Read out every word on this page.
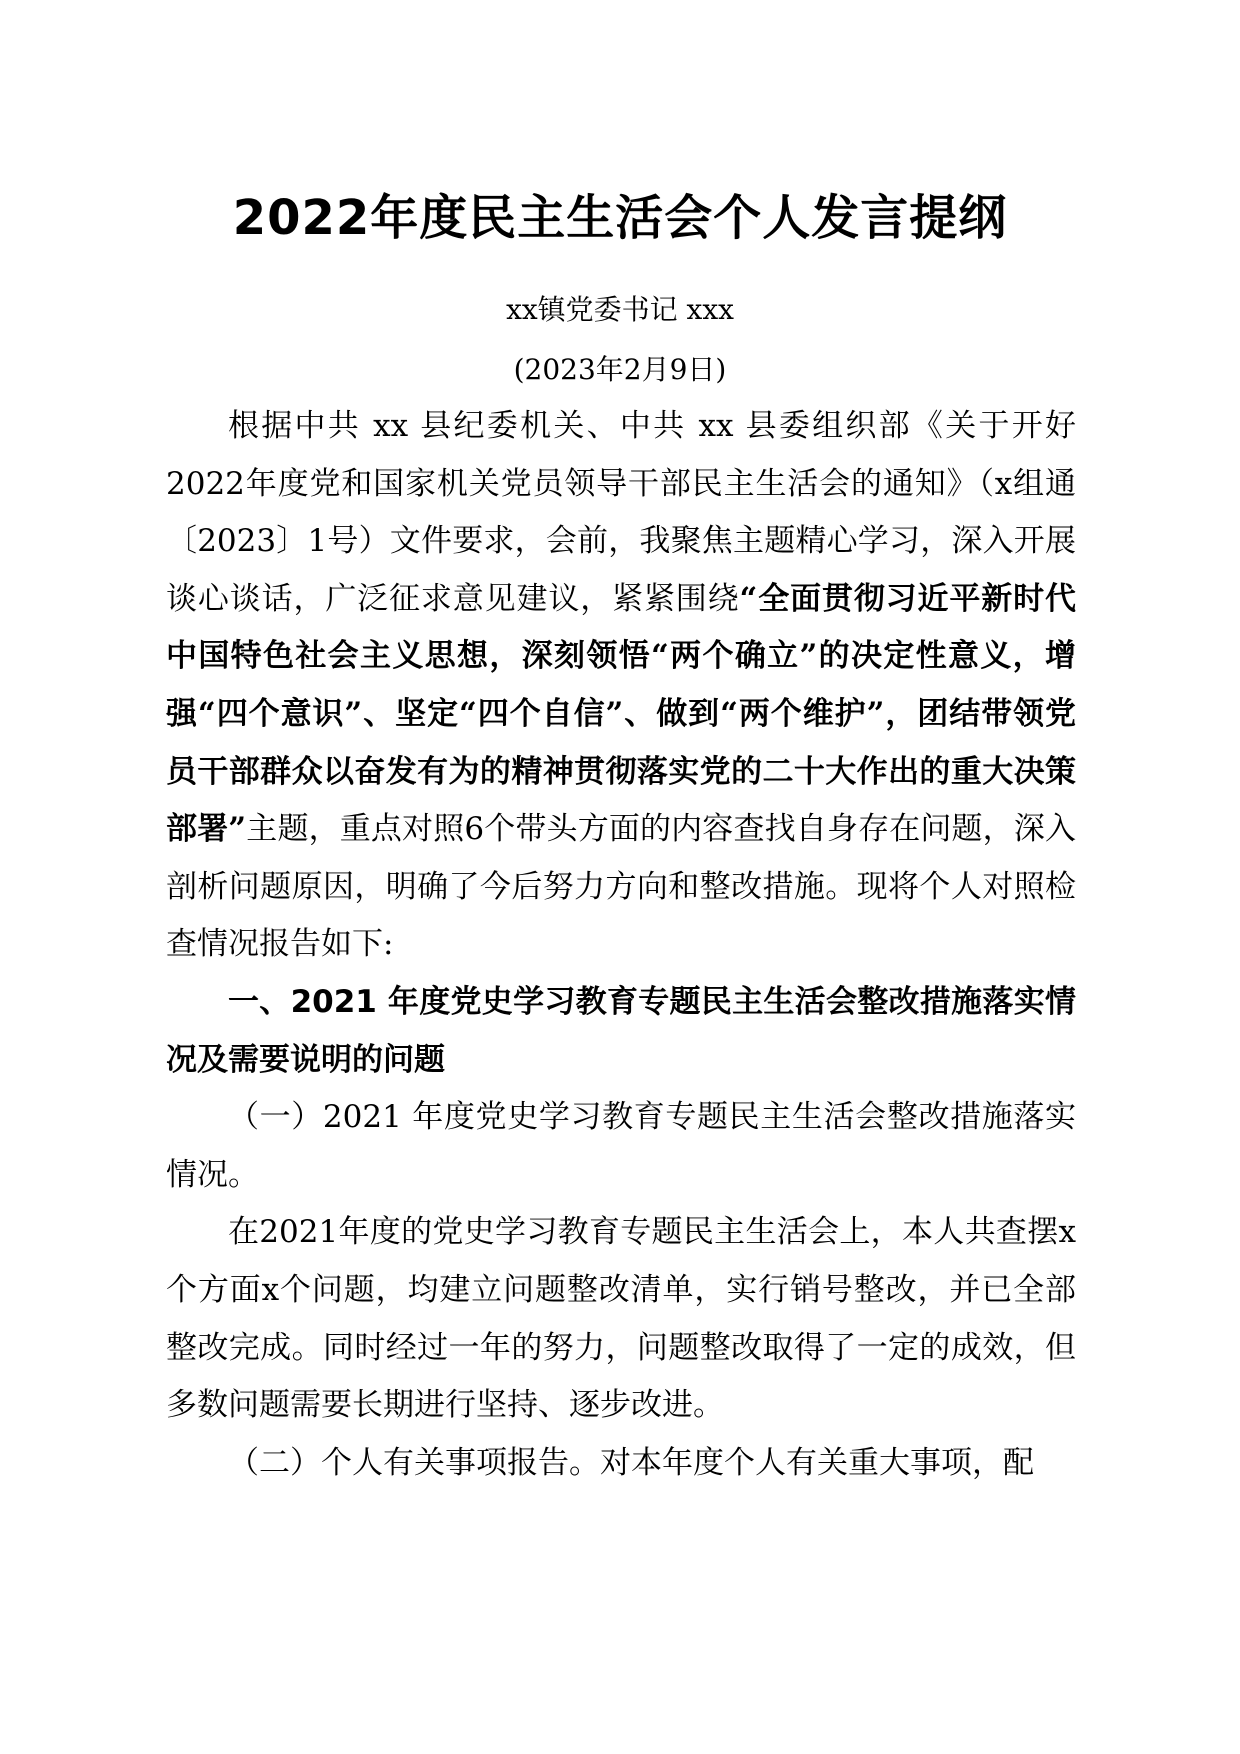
2022年度民主生活会个人发言提纲
xx镇党委书记 xxx
(2023年2月9日)

根据中共 xx 县纪委机关、中共 xx 县委组织部《关于开好2022年度党和国家机关党员领导干部民主生活会的通知》（x组通〔2023〕1号）文件要求，会前，我聚焦主题精心学习，深入开展谈心谈话，广泛征求意见建议，紧紧围绕“全面贯彻习近平新时代中国特色社会主义思想，深刻领悟“两个确立”的决定性意义，增强“四个意识”、坚定“四个自信”、做到“两个维护”，团结带领党员干部群众以奋发有为的精神贯彻落实党的二十大作出的重大决策部署”主题，重点对照6个带头方面的内容查找自身存在问题，深入剖析问题原因，明确了今后努力方向和整改措施。现将个人对照检查情况报告如下:

一、2021 年度党史学习教育专题民主生活会整改措施落实情况及需要说明的问题

（一）2021 年度党史学习教育专题民主生活会整改措施落实情况。

在2021年度的党史学习教育专题民主生活会上，本人共查摆x个方面x个问题，均建立问题整改清单，实行销号整改，并已全部整改完成。同时经过一年的努力，问题整改取得了一定的成效，但多数问题需要长期进行坚持、逐步改进。

（二）个人有关事项报告。对本年度个人有关重大事项，配
